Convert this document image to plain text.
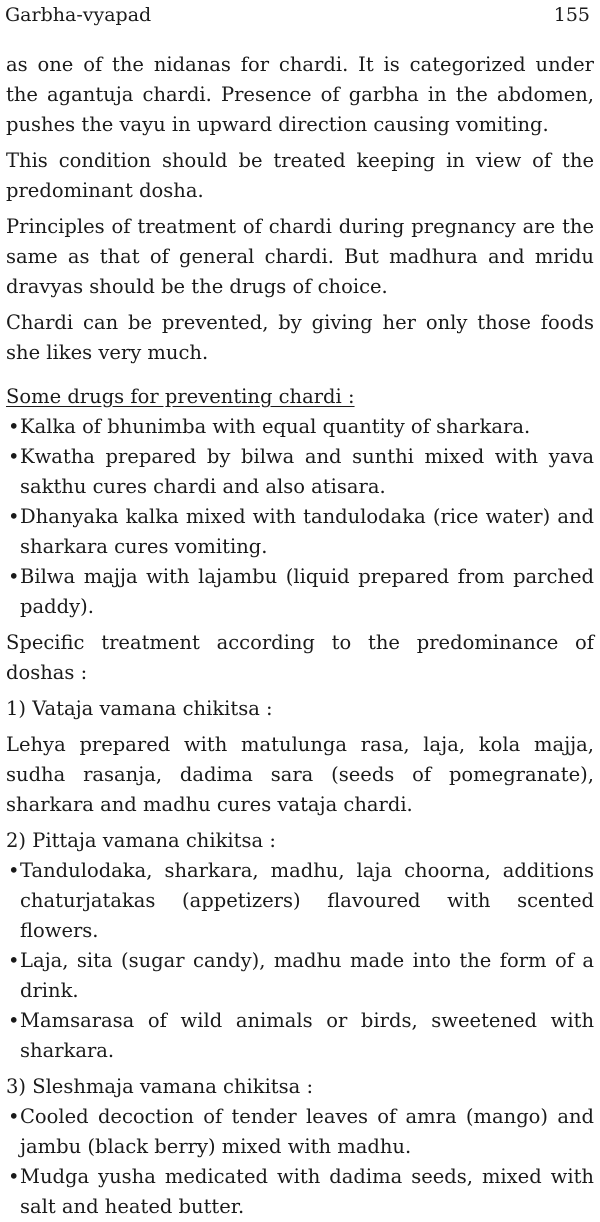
Garbha-vyapad	155

as one of the nidanas for chardi. It is categorized under the agantuja chardi. Presence of garbha in the abdomen, pushes the vayu in upward direction causing vomiting.

This condition should be treated keeping in view of the predominant dosha.

Principles of treatment of chardi during pregnancy are the same as that of general chardi. But madhura and mridu dravyas should be the drugs of choice.

Chardi can be prevented, by giving her only those foods she likes very much.

Some drugs for preventing chardi :

• Kalka of bhunimba with equal quantity of sharkara.
• Kwatha prepared by bilwa and sunthi mixed with yava sakthu cures chardi and also atisara.
• Dhanyaka kalka mixed with tandulodaka (rice water) and sharkara cures vomiting.
• Bilwa majja with lajambu (liquid prepared from parched paddy).

Specific treatment according to the predominance of doshas :

1) Vataja vamana chikitsa :

Lehya prepared with matulunga rasa, laja, kola majja, sudha rasanja, dadima sara (seeds of pomegranate), sharkara and madhu cures vataja chardi.

2) Pittaja vamana chikitsa :

• Tandulodaka, sharkara, madhu, laja choorna, additions chaturjatakas (appetizers) flavoured with scented flowers.
• Laja, sita (sugar candy), madhu made into the form of a drink.
• Mamsarasa of wild animals or birds, sweetened with sharkara.

3) Sleshmaja vamana chikitsa :

• Cooled decoction of tender leaves of amra (mango) and jambu (black berry) mixed with madhu.
• Mudga yusha medicated with dadima seeds, mixed with salt and heated butter.
